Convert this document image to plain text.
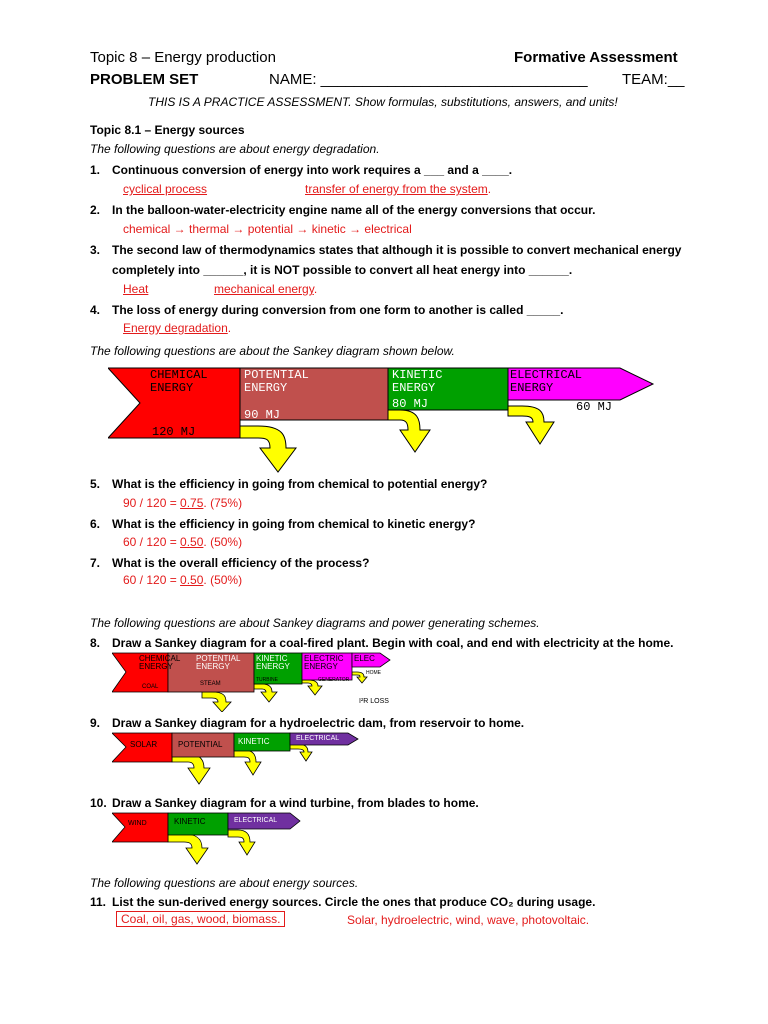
Topic 8 – Energy production	Formative Assessment
PROBLEM SET	NAME: ________________________________ TEAM:__
THIS IS A PRACTICE ASSESSMENT. Show formulas, substitutions, answers, and units!
Topic 8.1 – Energy sources
The following questions are about energy degradation.
1. Continuous conversion of energy into work requires a ___ and a ____.
cyclical process	transfer of energy from the system.
2. In the balloon-water-electricity engine name all of the energy conversions that occur.
chemical → thermal → potential → kinetic → electrical
3. The second law of thermodynamics states that although it is possible to convert mechanical energy
completely into ______, it is NOT possible to convert all heat energy into ______.
Heat	mechanical energy.
4. The loss of energy during conversion from one form to another is called _____.
Energy degradation.
The following questions are about the Sankey diagram shown below.
CHEMICAL
ENERGY
120 MJ
POTENTIAL
ENERGY
90 MJ
KINETIC
ENERGY
80 MJ
ELECTRICAL
ENERGY
60 MJ
5. What is the efficiency in going from chemical to potential energy?
90 / 120 = 0.75. (75%)
6. What is the efficiency in going from chemical to kinetic energy?
60 / 120 = 0.50. (50%)
7. What is the overall efficiency of the process?
60 / 120 = 0.50. (50%)
The following questions are about Sankey diagrams and power generating schemes.
8. Draw a Sankey diagram for a coal-fired plant. Begin with coal, and end with electricity at the home.
CHEMICAL
ENERGY
COAL
POTENTIAL
ENERGY
STEAM
KINETIC
ENERGY
TURBINE
ELECTRIC
ENERGY
GENERATOR
ELEC
HOME
I²R LOSS
9. Draw a Sankey diagram for a hydroelectric dam, from reservoir to home.
SOLAR	POTENTIAL KINETIC	ELECTRICAL
10. Draw a Sankey diagram for a wind turbine, from blades to home.
WIND	KINETIC	ELECTRICAL
The following questions are about energy sources.
11. List the sun-derived energy sources. Circle the ones that produce CO₂ during usage.
Coal, oil, gas, wood, biomass.	Solar, hydroelectric, wind, wave, photovoltaic.
